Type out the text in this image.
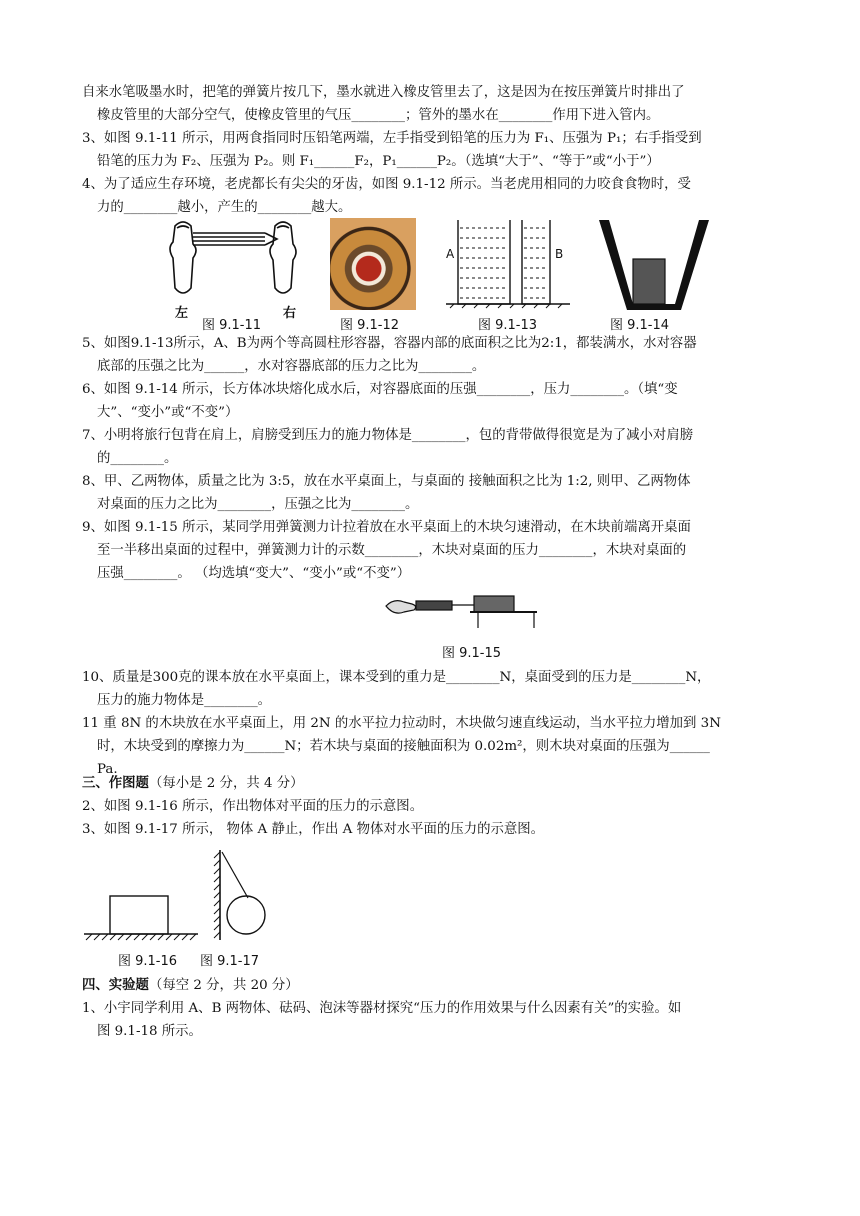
自来水笔吸墨水时，把笔的弹簧片按几下，墨水就进入橡皮管里去了，这是因为在按压弹簧片时排出了

橡皮管里的大部分空气，使橡皮管里的气压________；管外的墨水在________作用下进入管内。

3、如图 9.1-11 所示，用两食指同时压铅笔两端，左手指受到铅笔的压力为 F₁、压强为 P₁；右手指受到

铅笔的压力为 F₂、压强为 P₂。则 F₁______F₂，P₁______P₂。（选填“大于”、“等于”或“小于”）

4、为了适应生存环境，老虎都长有尖尖的牙齿，如图 9.1-12 所示。当老虎用相同的力咬食食物时，受

力的________越小，产生的________越大。

左	右
图 9.1-11	图 9.1-12
A	B
图 9.1-13	图 9.1-14

5、如图9.1-13所示，A、B为两个等高圆柱形容器，容器内部的底面积之比为2:1，都装满水，水对容器

底部的压强之比为______，水对容器底部的压力之比为________。

6、如图 9.1-14 所示，长方体冰块熔化成水后，对容器底面的压强________，压力________。（填“变

大”、“变小”或“不变”）

7、小明将旅行包背在肩上，肩膀受到压力的施力物体是________，包的背带做得很宽是为了减小对肩膀

的________。

8、甲、乙两物体，质量之比为 3:5，放在水平桌面上，与桌面的 接触面积之比为 1:2, 则甲、乙两物体

对桌面的压力之比为________，压强之比为________。

9、如图 9.1-15 所示，某同学用弹簧测力计拉着放在水平桌面上的木块匀速滑动，在木块前端离开桌面

至一半移出桌面的过程中，弹簧测力计的示数________，木块对桌面的压力________，木块对桌面的

压强________。 （均选填“变大”、“变小”或“不变”）

图 9.1-15

10、质量是300克的课本放在水平桌面上，课本受到的重力是________N，桌面受到的压力是________N，

压力的施力物体是________。

11 重 8N 的木块放在水平桌面上，用 2N 的水平拉力拉动时，木块做匀速直线运动，当水平拉力增加到 3N

时，木块受到的摩擦力为______N；若木块与桌面的接触面积为 0.02m²，则木块对桌面的压强为______

Pa.

三、作图题（每小是 2 分，共 4 分）

2、如图 9.1-16 所示，作出物体对平面的压力的示意图。

3、如图 9.1-17 所示， 物体 A 静止，作出 A 物体对水平面的压力的示意图。

图 9.1-16 图 9.1-17

四、实验题（每空 2 分，共 20 分）

1、小宇同学利用 A、B 两物体、砝码、泡沫等器材探究“压力的作用效果与什么因素有关”的实验。如

图 9.1-18 所示。
